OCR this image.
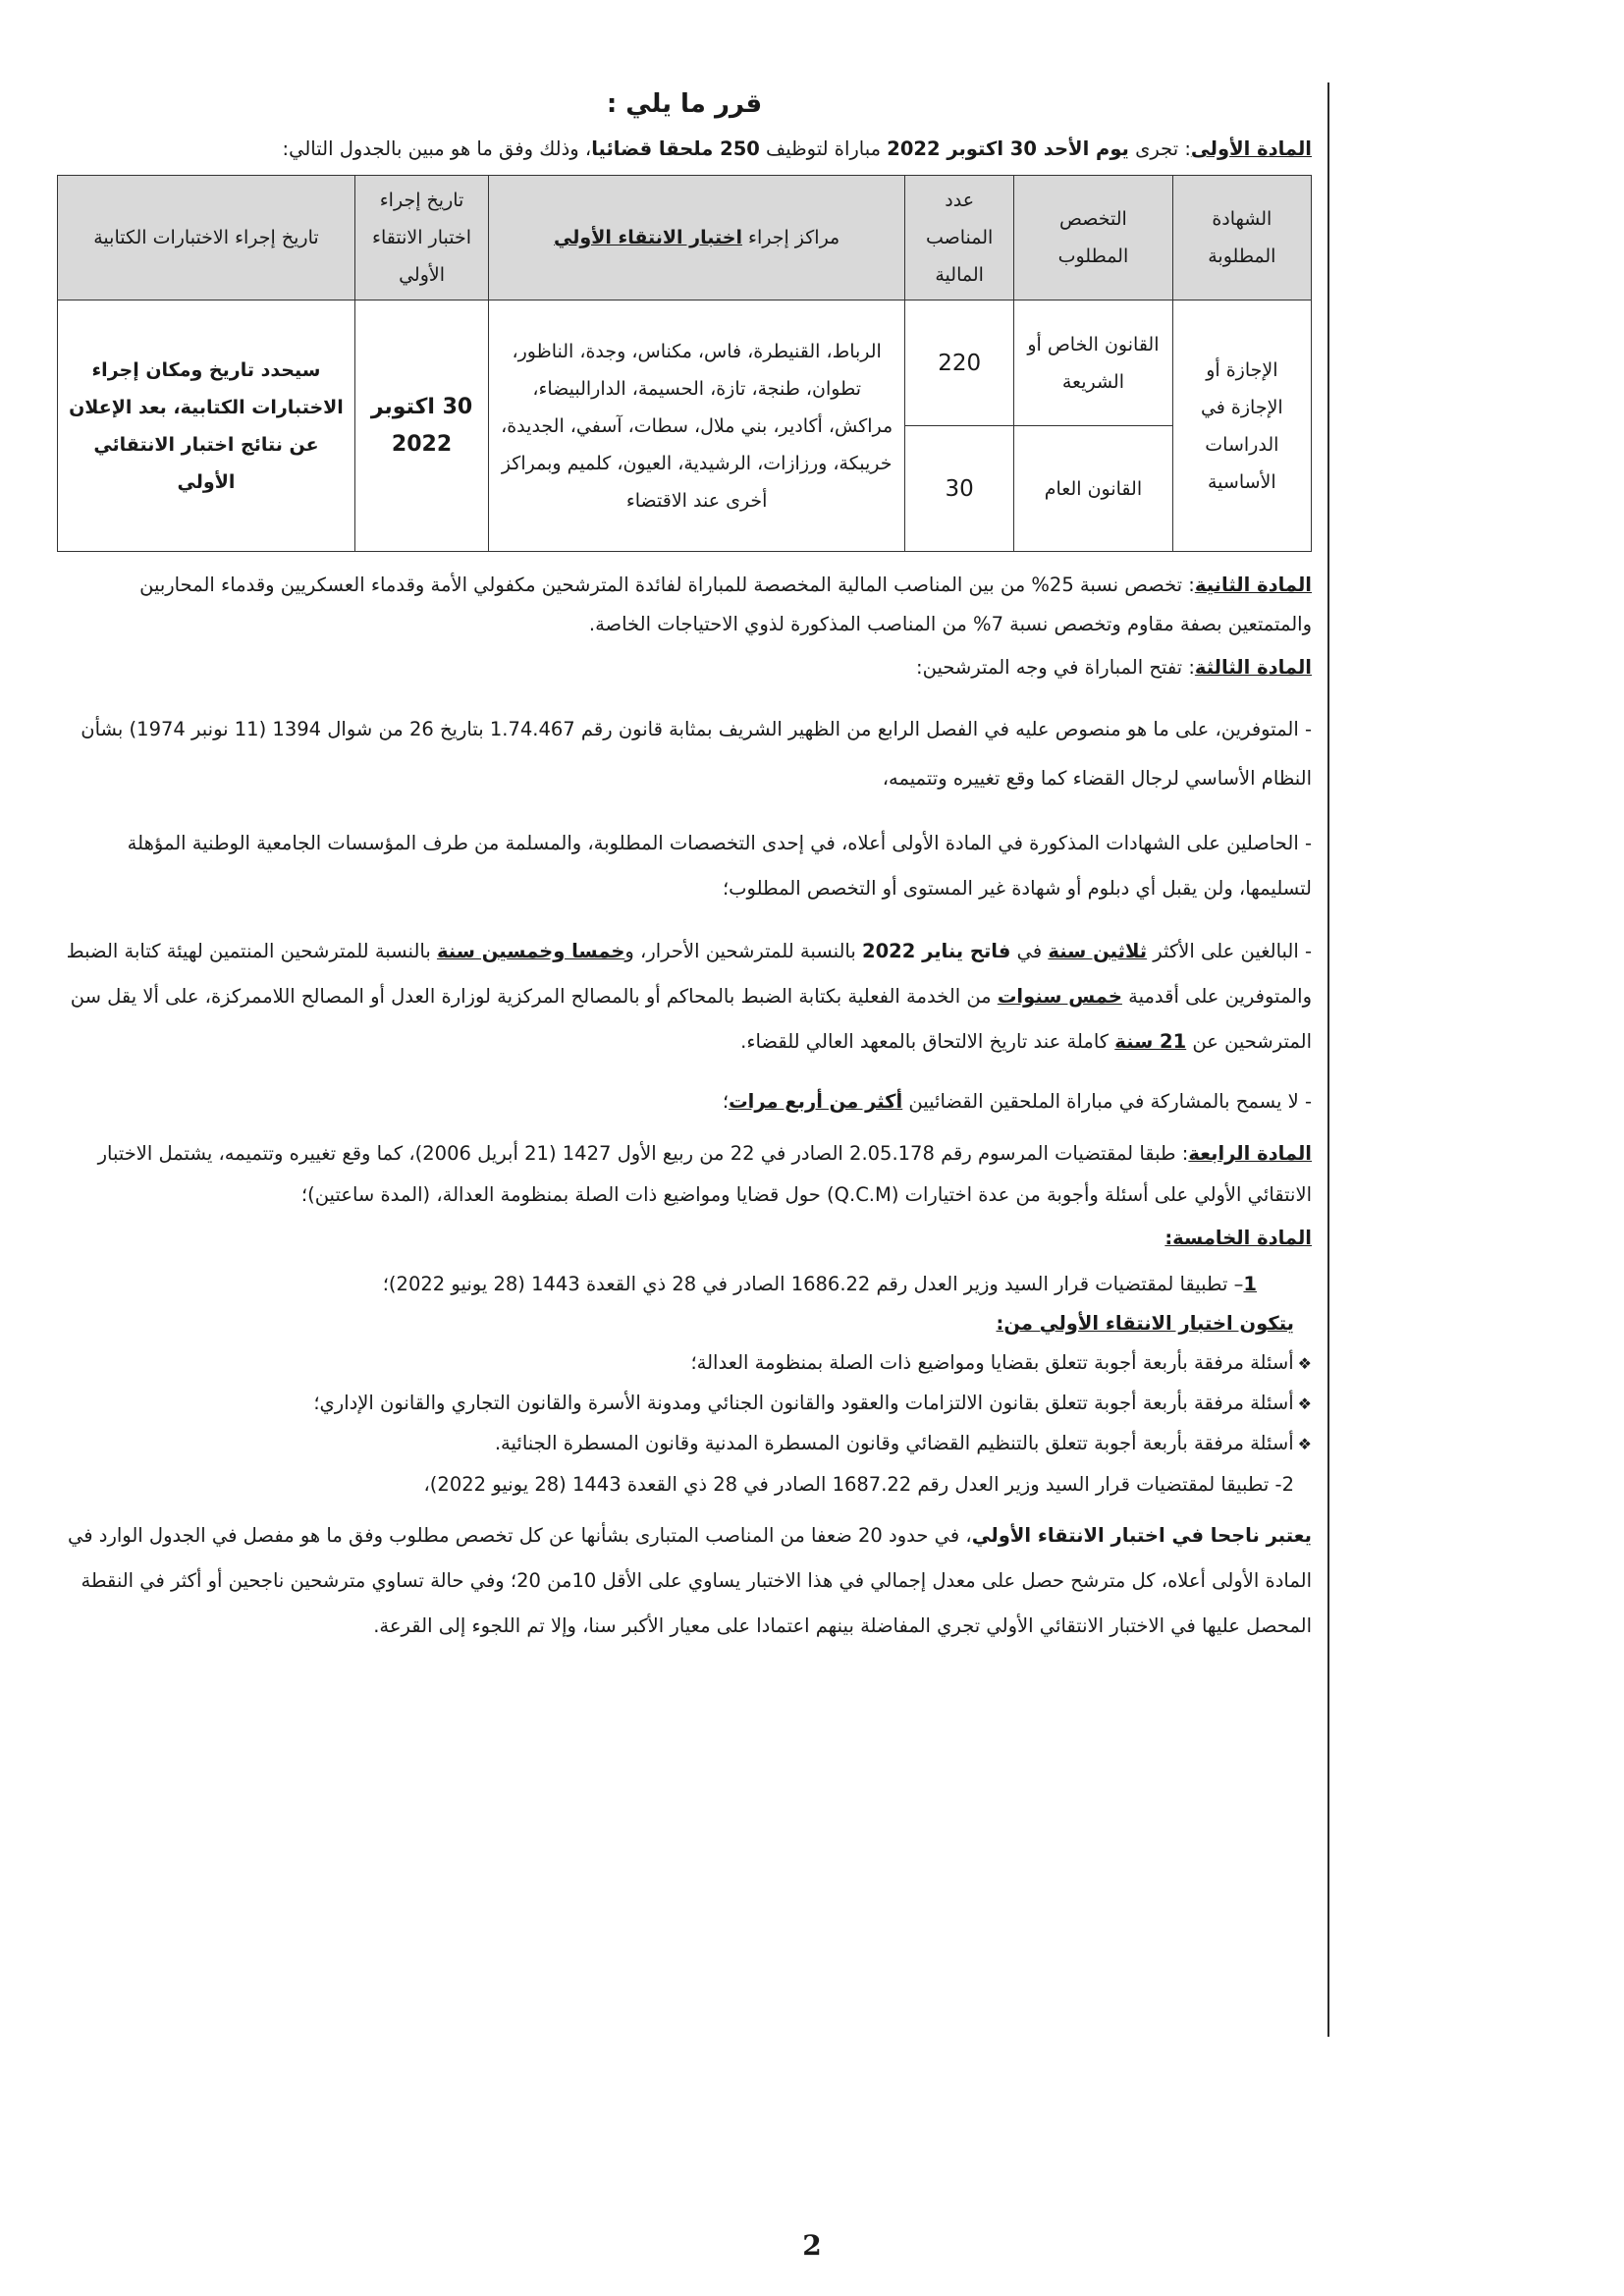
قرر ما يلي :

المادة الأولى: تجرى يوم الأحد 30 اكتوبر 2022 مباراة لتوظيف 250 ملحقا قضائيا، وذلك وفق ما هو مبين بالجدول التالي:

الشهادة المطلوبة	التخصص المطلوب	عدد المناصب المالية	مراكز إجراء اختبار الانتقاء الأولي	تاريخ إجراء اختبار الانتقاء الأولي	تاريخ إجراء الاختبارات الكتابية
الإجازة أو الإجازة في الدراسات الأساسية	القانون الخاص أو الشريعة	220	الرباط، القنيطرة، فاس، مكناس، وجدة، الناظور، تطوان، طنجة، تازة، الحسيمة، الدارالبيضاء، مراكش، أكادير، بني ملال، سطات، آسفي، الجديدة، خريبكة، ورزازات، الرشيدية، العيون، كلميم وبمراكز أخرى عند الاقتضاء	30 اكتوبر 2022	سيحدد تاريخ ومكان إجراء الاختبارات الكتابية، بعد الإعلان عن نتائج اختبار الانتقائي الأولي
	القانون العام	30			

المادة الثانية: تخصص نسبة 25% من بين المناصب المالية المخصصة للمباراة لفائدة المترشحين مكفولي الأمة وقدماء العسكريين وقدماء المحاربين والمتمتعين بصفة مقاوم وتخصص نسبة 7% من المناصب المذكورة لذوي الاحتياجات الخاصة.

المادة الثالثة: تفتح المباراة في وجه المترشحين:

- المتوفرين، على ما هو منصوص عليه في الفصل الرابع من الظهير الشريف بمثابة قانون رقم 1.74.467 بتاريخ 26 من شوال 1394 (11 نونبر 1974) بشأن النظام الأساسي لرجال القضاء كما وقع تغييره وتتميمه،

- الحاصلين على الشهادات المذكورة في المادة الأولى أعلاه، في إحدى التخصصات المطلوبة، والمسلمة من طرف المؤسسات الجامعية الوطنية المؤهلة لتسليمها، ولن يقبل أي دبلوم أو شهادة غير المستوى أو التخصص المطلوب؛

- البالغين على الأكثر ثلاثين سنة في فاتح يناير 2022 بالنسبة للمترشحين الأحرار، وخمسا وخمسين سنة بالنسبة للمترشحين المنتمين لهيئة كتابة الضبط والمتوفرين على أقدمية خمس سنوات من الخدمة الفعلية بكتابة الضبط بالمحاكم أو بالمصالح المركزية لوزارة العدل أو المصالح اللاممركزة، على ألا يقل سن المترشحين عن 21 سنة كاملة عند تاريخ الالتحاق بالمعهد العالي للقضاء.

- لا يسمح بالمشاركة في مباراة الملحقين القضائيين أكثر من أربع مرات؛

المادة الرابعة: طبقا لمقتضيات المرسوم رقم 2.05.178 الصادر في 22 من ربيع الأول 1427 (21 أبريل 2006)، كما وقع تغييره وتتميمه، يشتمل الاختبار الانتقائي الأولي على أسئلة وأجوبة من عدة اختيارات (Q.C.M) حول قضايا ومواضيع ذات الصلة بمنظومة العدالة، (المدة ساعتين)؛

المادة الخامسة:

1– تطبيقا لمقتضيات قرار السيد وزير العدل رقم 1686.22 الصادر في 28 ذي القعدة 1443 (28 يونيو 2022)؛

يتكون اختبار الانتقاء الأولي من:

❖أسئلة مرفقة بأربعة أجوبة تتعلق بقضايا ومواضيع ذات الصلة بمنظومة العدالة؛
❖أسئلة مرفقة بأربعة أجوبة تتعلق بقانون الالتزامات والعقود والقانون الجنائي ومدونة الأسرة والقانون التجاري والقانون الإداري؛
❖أسئلة مرفقة بأربعة أجوبة تتعلق بالتنظيم القضائي وقانون المسطرة المدنية وقانون المسطرة الجنائية.

2- تطبيقا لمقتضيات قرار السيد وزير العدل رقم 1687.22 الصادر في 28 ذي القعدة 1443 (28 يونيو 2022)،

يعتبر ناجحا في اختبار الانتقاء الأولي، في حدود 20 ضعفا من المناصب المتبارى بشأنها عن كل تخصص مطلوب وفق ما هو مفصل في الجدول الوارد في المادة الأولى أعلاه، كل مترشح حصل على معدل إجمالي في هذا الاختبار يساوي على الأقل 10من 20؛ وفي حالة تساوي مترشحين ناجحين أو أكثر في النقطة المحصل عليها في الاختبار الانتقائي الأولي تجري المفاضلة بينهم اعتمادا على معيار الأكبر سنا، وإلا تم اللجوء إلى القرعة.

2
